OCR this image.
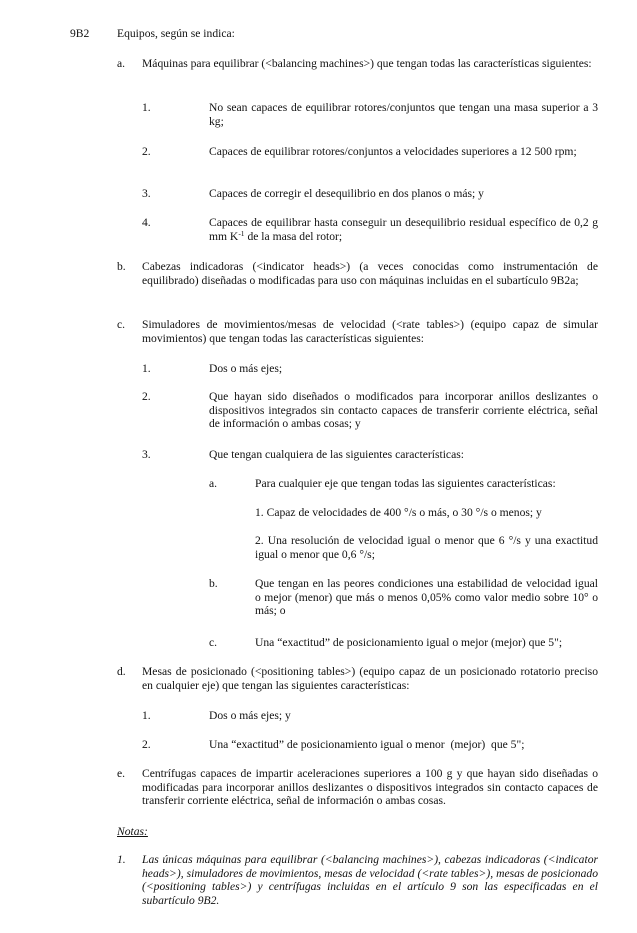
9B2 Equipos, según se indica:
a. Máquinas para equilibrar (<balancing machines>) que tengan todas las características siguientes:
1.	No sean capaces de equilibrar rotores/conjuntos que tengan una masa superior a 3 kg;
2.	Capaces de equilibrar rotores/conjuntos a velocidades superiores a 12 500 rpm;
3.	Capaces de corregir el desequilibrio en dos planos o más; y
4.	Capaces de equilibrar hasta conseguir un desequilibrio residual específico de 0,2 g mm $K^{-1}$ de la masa del rotor;
b. Cabezas indicadoras (<indicator heads>) (a veces conocidas como instrumentación de equilibrado) diseñadas o modificadas para uso con máquinas incluidas en el subartículo 9B2a;
c. Simuladores de movimientos/mesas de velocidad (<rate tables>) (equipo capaz de simular movimientos) que tengan todas las características siguientes:
1.	Dos o más ejes;
2.	Que hayan sido diseñados o modificados para incorporar anillos deslizantes o dispositivos integrados sin contacto capaces de transferir corriente eléctrica, señal de información o ambas cosas; y
3.	Que tengan cualquiera de las siguientes características:
a.	Para cualquier eje que tengan todas las siguientes características:
1. Capaz de velocidades de 400 °/s o más, o 30 °/s o menos; y
2. Una resolución de velocidad igual o menor que 6 °/s y una exactitud igual o menor que 0,6 °/s;
b.	Que tengan en las peores condiciones una estabilidad de velocidad igual o mejor (menor) que más o menos 0,05% como valor medio sobre 10° o más; o
c.	Una “exactitud” de posicionamiento igual o mejor (mejor) que 5";
d. Mesas de posicionado (<positioning tables>) (equipo capaz de un posicionado rotatorio preciso en cualquier eje) que tengan las siguientes características:
1.	Dos o más ejes; y
2.	Una “exactitud” de posicionamiento igual o menor  (mejor)  que 5";
e. Centrífugas capaces de impartir aceleraciones superiores a 100 g y que hayan sido diseñadas o modificadas para incorporar anillos deslizantes o dispositivos integrados sin contacto capaces de transferir corriente eléctrica, señal de información o ambas cosas.
Notas:
1. Las únicas máquinas para equilibrar (<balancing machines>), cabezas indicadoras (<indicator heads>), simuladores de movimientos, mesas de velocidad (<rate tables>), mesas de posicionado (<positioning tables>) y centrífugas incluidas en el artículo 9 son las especificadas en el subartículo 9B2.
